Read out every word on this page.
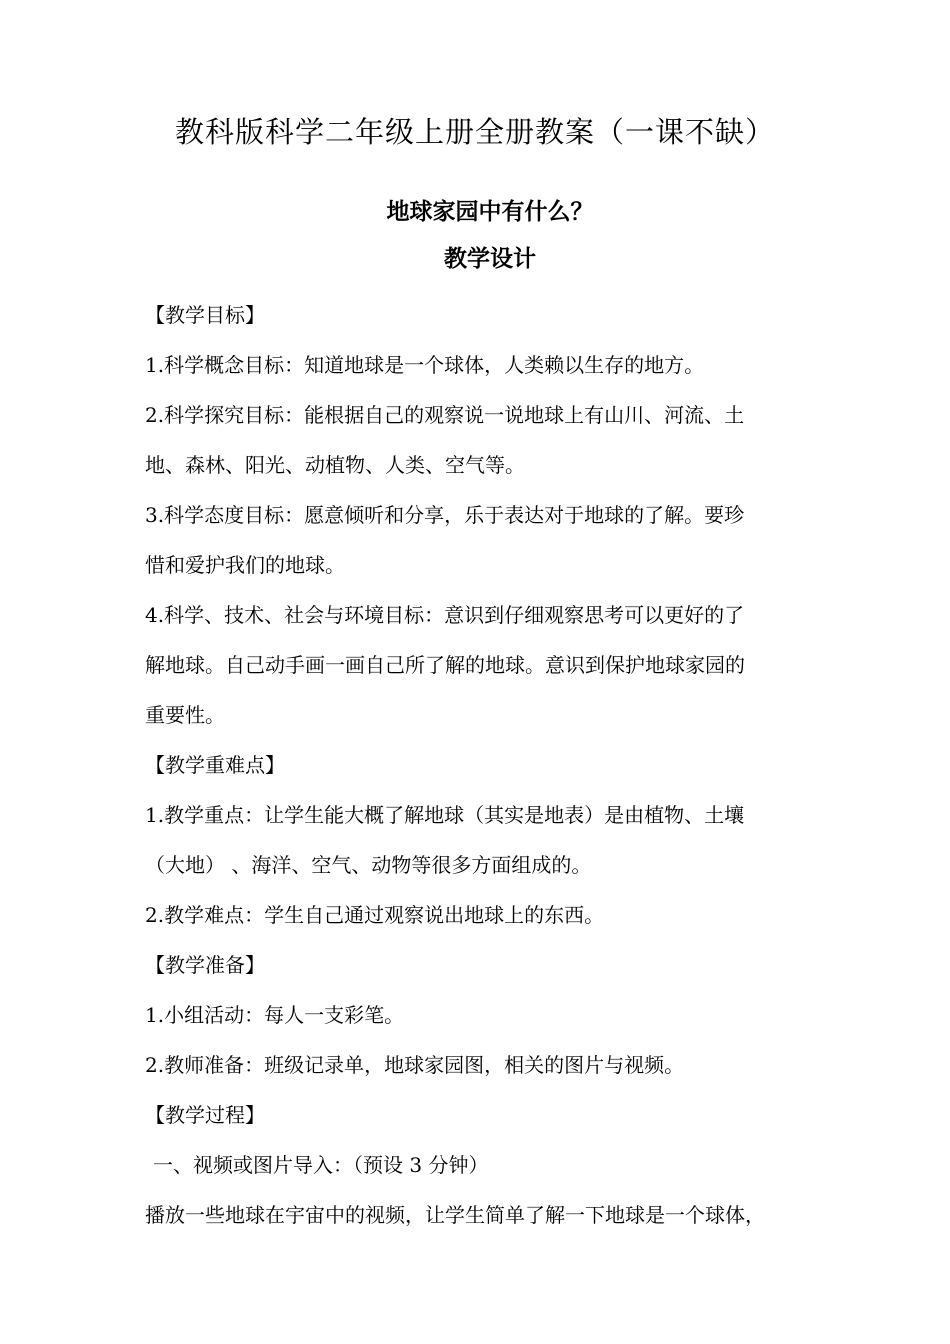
教科版科学二年级上册全册教案（一课不缺）
地球家园中有什么？
教学设计
【教学目标】
1.科学概念目标：知道地球是一个球体，人类赖以生存的地方。
2.科学探究目标：能根据自己的观察说一说地球上有山川、河流、土
地、森林、阳光、动植物、人类、空气等。
3.科学态度目标：愿意倾听和分享，乐于表达对于地球的了解。要珍
惜和爱护我们的地球。
4.科学、技术、社会与环境目标：意识到仔细观察思考可以更好的了
解地球。自己动手画一画自己所了解的地球。意识到保护地球家园的
重要性。
【教学重难点】
1.教学重点：让学生能大概了解地球（其实是地表）是由植物、土壤
（大地） 、海洋、空气、动物等很多方面组成的。
2.教学难点：学生自己通过观察说出地球上的东西。
【教学准备】
1.小组活动：每人一支彩笔。
2.教师准备：班级记录单，地球家园图，相关的图片与视频。
【教学过程】
一、视频或图片导入：（预设 3 分钟）
播放一些地球在宇宙中的视频，让学生简单了解一下地球是一个球体，
